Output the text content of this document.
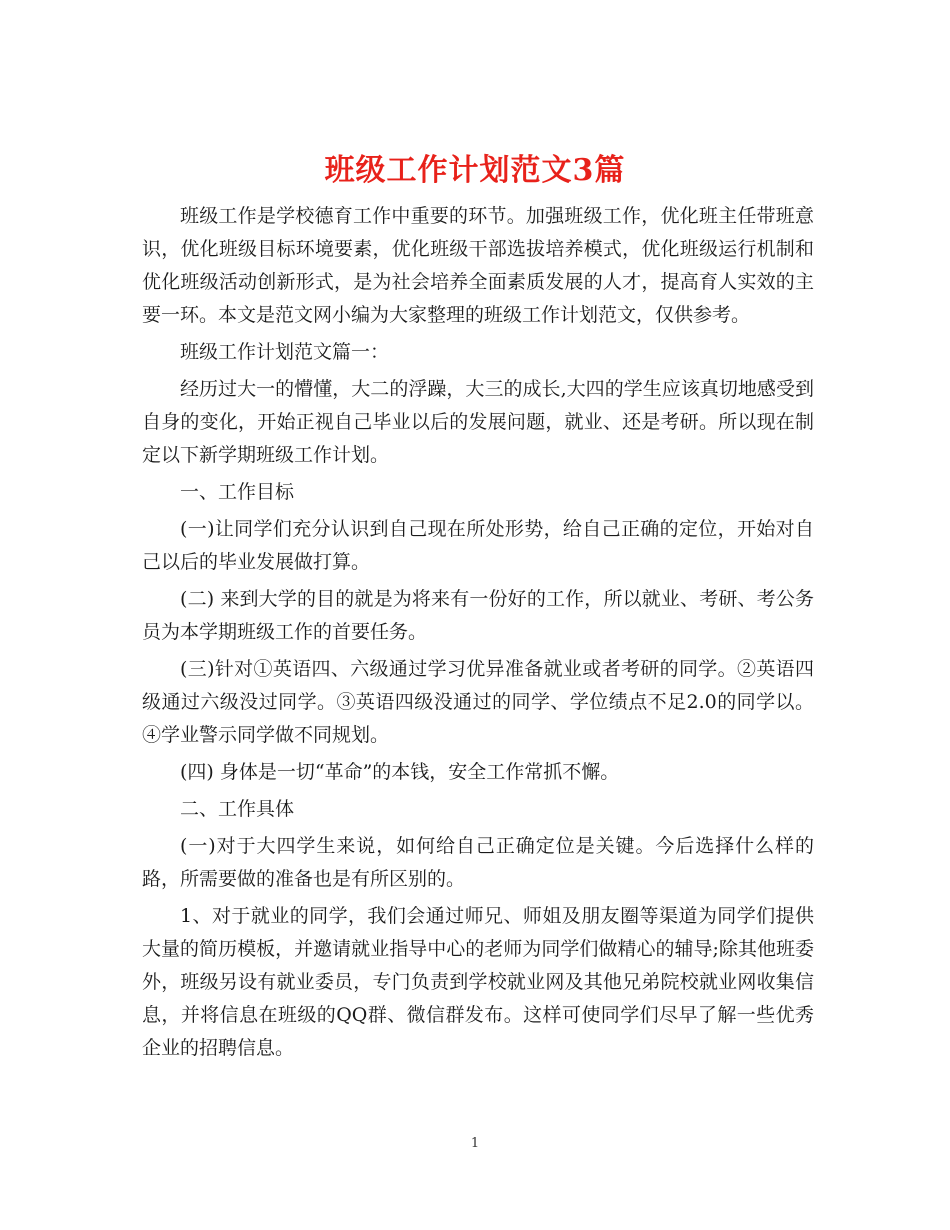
班级工作计划范文3篇

班级工作是学校德育工作中重要的环节。加强班级工作，优化班主任带班意识，优化班级目标环境要素，优化班级干部选拔培养模式，优化班级运行机制和优化班级活动创新形式，是为社会培养全面素质发展的人才，提高育人实效的主要一环。本文是范文网小编为大家整理的班级工作计划范文，仅供参考。

班级工作计划范文篇一：

经历过大一的懵懂，大二的浮躁，大三的成长,大四的学生应该真切地感受到自身的变化，开始正视自己毕业以后的发展问题，就业、还是考研。所以现在制定以下新学期班级工作计划。

一、工作目标

(一)让同学们充分认识到自己现在所处形势，给自己正确的定位，开始对自己以后的毕业发展做打算。

(二) 来到大学的目的就是为将来有一份好的工作，所以就业、考研、考公务员为本学期班级工作的首要任务。

(三)针对①英语四、六级通过学习优异准备就业或者考研的同学。②英语四级通过六级没过同学。③英语四级没通过的同学、学位绩点不足2.0的同学以。④学业警示同学做不同规划。

(四) 身体是一切“革命”的本钱，安全工作常抓不懈。

二、工作具体

(一)对于大四学生来说，如何给自己正确定位是关键。今后选择什么样的路，所需要做的准备也是有所区别的。

1、对于就业的同学，我们会通过师兄、师姐及朋友圈等渠道为同学们提供大量的简历模板，并邀请就业指导中心的老师为同学们做精心的辅导;除其他班委外，班级另设有就业委员，专门负责到学校就业网及其他兄弟院校就业网收集信息，并将信息在班级的QQ群、微信群发布。这样可使同学们尽早了解一些优秀企业的招聘信息。

1
